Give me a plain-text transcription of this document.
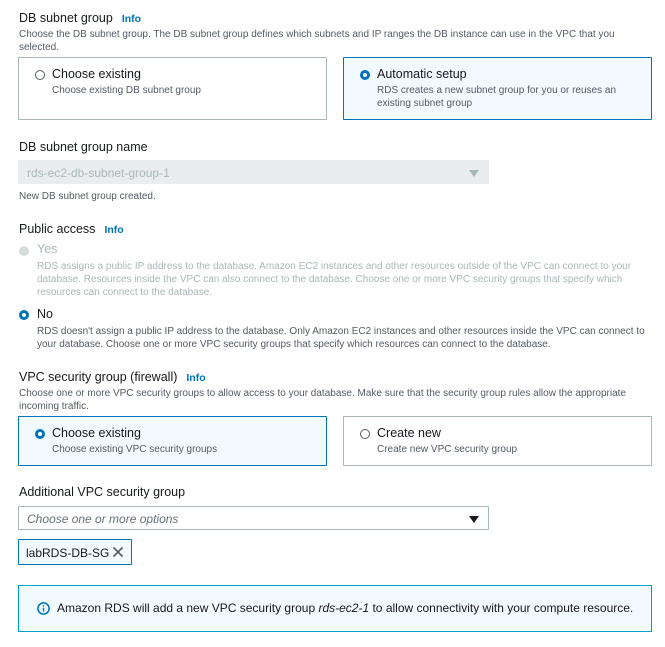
DB subnet group Info
Choose the DB subnet group. The DB subnet group defines which subnets and IP ranges the DB instance can use in the VPC that you selected.
Choose existing
Choose existing DB subnet group
Automatic setup
RDS creates a new subnet group for you or reuses an existing subnet group
DB subnet group name
rds-ec2-db-subnet-group-1
New DB subnet group created.
Public access Info
Yes
RDS assigns a public IP address to the database. Amazon EC2 instances and other resources outside of the VPC can connect to your database. Resources inside the VPC can also connect to the database. Choose one or more VPC security groups that specify which resources can connect to the database.
No
RDS doesn't assign a public IP address to the database. Only Amazon EC2 instances and other resources inside the VPC can connect to your database. Choose one or more VPC security groups that specify which resources can connect to the database.
VPC security group (firewall) Info
Choose one or more VPC security groups to allow access to your database. Make sure that the security group rules allow the appropriate incoming traffic.
Choose existing
Choose existing VPC security groups
Create new
Create new VPC security group
Additional VPC security group
Choose one or more options
labRDS-DB-SG
Amazon RDS will add a new VPC security group rds-ec2-1 to allow connectivity with your compute resource.
